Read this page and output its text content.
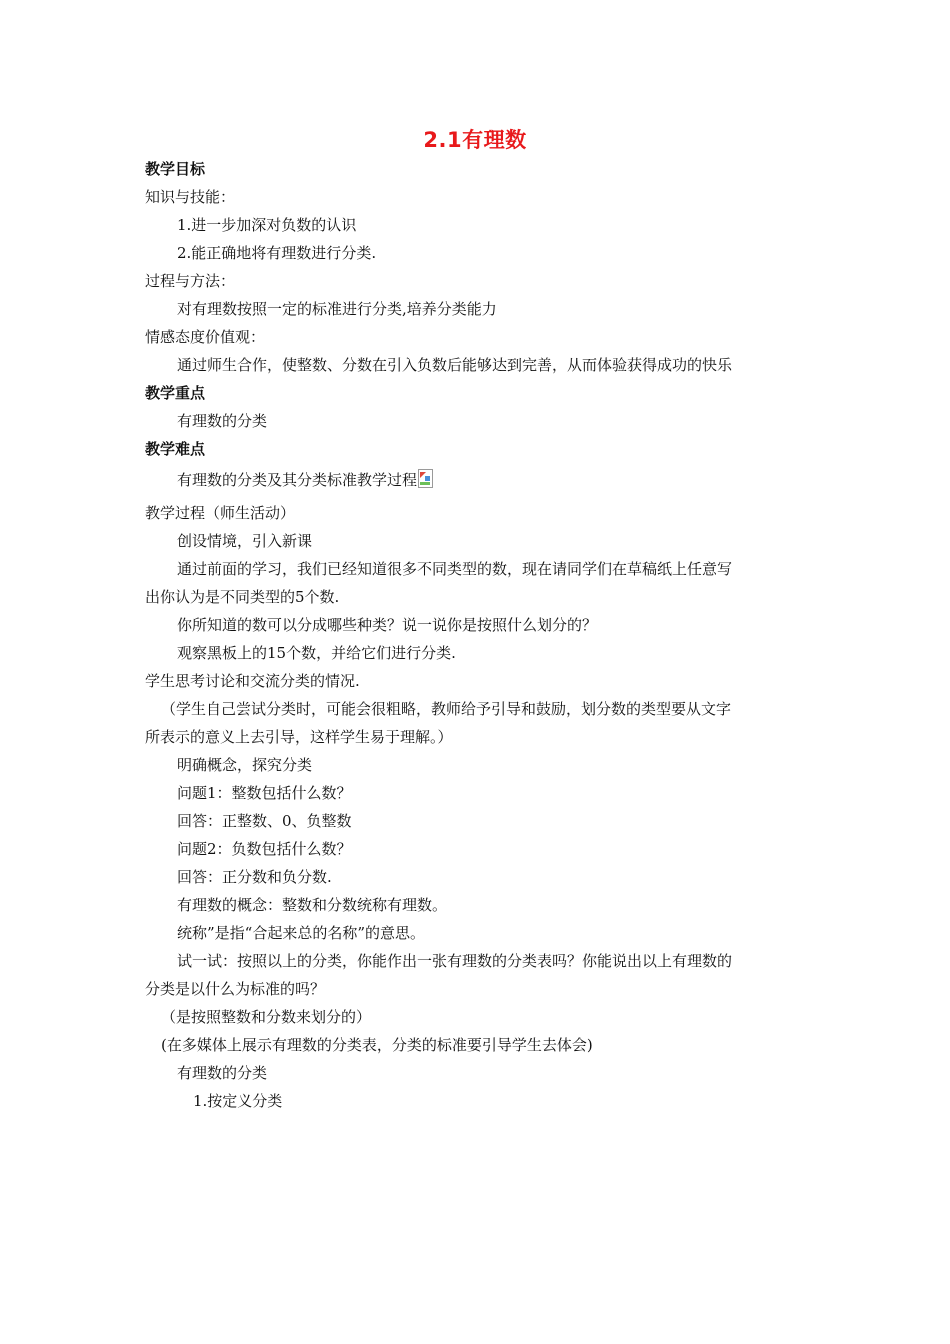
2.1有理数
教学目标
知识与技能：
1.进一步加深对负数的认识
2.能正确地将有理数进行分类.
过程与方法：
对有理数按照一定的标准进行分类,培养分类能力
情感态度价值观：
通过师生合作，使整数、分数在引入负数后能够达到完善，从而体验获得成功的快乐
教学重点
有理数的分类
教学难点
有理数的分类及其分类标准教学过程
教学过程（师生活动）
创设情境，引入新课
通过前面的学习，我们已经知道很多不同类型的数，现在请同学们在草稿纸上任意写
出你认为是不同类型的5个数.
你所知道的数可以分成哪些种类？说一说你是按照什么划分的？
观察黑板上的15个数，并给它们进行分类.
学生思考讨论和交流分类的情况.
（学生自己尝试分类时，可能会很粗略，教师给予引导和鼓励，划分数的类型要从文字
所表示的意义上去引导，这样学生易于理解。）
明确概念，探究分类
问题1：整数包括什么数？
回答：正整数、0、负整数
问题2：负数包括什么数？
回答：正分数和负分数.
有理数的概念：整数和分数统称有理数。
统称”是指“合起来总的名称”的意思。
试一试：按照以上的分类，你能作出一张有理数的分类表吗？你能说出以上有理数的
分类是以什么为标准的吗？
（是按照整数和分数来划分的）
(在多媒体上展示有理数的分类表，分类的标准要引导学生去体会)
有理数的分类
1.按定义分类
